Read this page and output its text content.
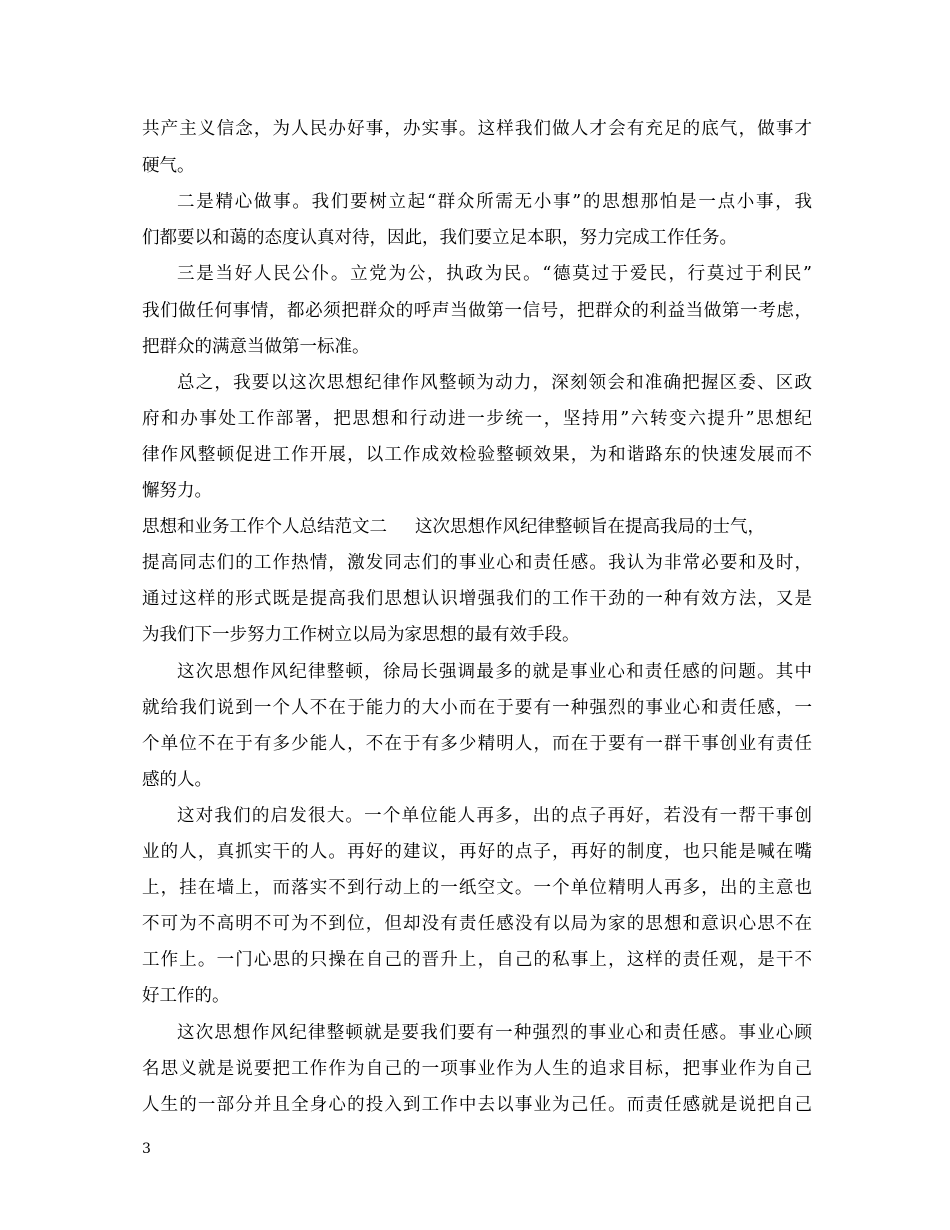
共产主义信念，为人民办好事，办实事。这样我们做人才会有充足的底气，做事才
硬气。
二是精心做事。我们要树立起“群众所需无小事”的思想那怕是一点小事，我
们都要以和蔼的态度认真对待，因此，我们要立足本职，努力完成工作任务。
三是当好人民公仆。立党为公，执政为民。“德莫过于爱民，行莫过于利民”
我们做任何事情，都必须把群众的呼声当做第一信号，把群众的利益当做第一考虑，
把群众的满意当做第一标准。
总之，我要以这次思想纪律作风整顿为动力，深刻领会和准确把握区委、区政
府和办事处工作部署，把思想和行动进一步统一，坚持用”六转变六提升”思想纪
律作风整顿促进工作开展，以工作成效检验整顿效果，为和谐路东的快速发展而不
懈努力。
思想和业务工作个人总结范文二 这次思想作风纪律整顿旨在提高我局的士气，
提高同志们的工作热情，激发同志们的事业心和责任感。我认为非常必要和及时，
通过这样的形式既是提高我们思想认识增强我们的工作干劲的一种有效方法，又是
为我们下一步努力工作树立以局为家思想的最有效手段。
这次思想作风纪律整顿，徐局长强调最多的就是事业心和责任感的问题。其中
就给我们说到一个人不在于能力的大小而在于要有一种强烈的事业心和责任感，一
个单位不在于有多少能人，不在于有多少精明人，而在于要有一群干事创业有责任
感的人。
这对我们的启发很大。一个单位能人再多，出的点子再好，若没有一帮干事创
业的人，真抓实干的人。再好的建议，再好的点子，再好的制度，也只能是喊在嘴
上，挂在墙上，而落实不到行动上的一纸空文。一个单位精明人再多，出的主意也
不可为不高明不可为不到位，但却没有责任感没有以局为家的思想和意识心思不在
工作上。一门心思的只操在自己的晋升上，自己的私事上，这样的责任观，是干不
好工作的。
这次思想作风纪律整顿就是要我们要有一种强烈的事业心和责任感。事业心顾
名思义就是说要把工作作为自己的一项事业作为人生的追求目标，把事业作为自己
人生的一部分并且全身心的投入到工作中去以事业为己任。而责任感就是说把自己
3
